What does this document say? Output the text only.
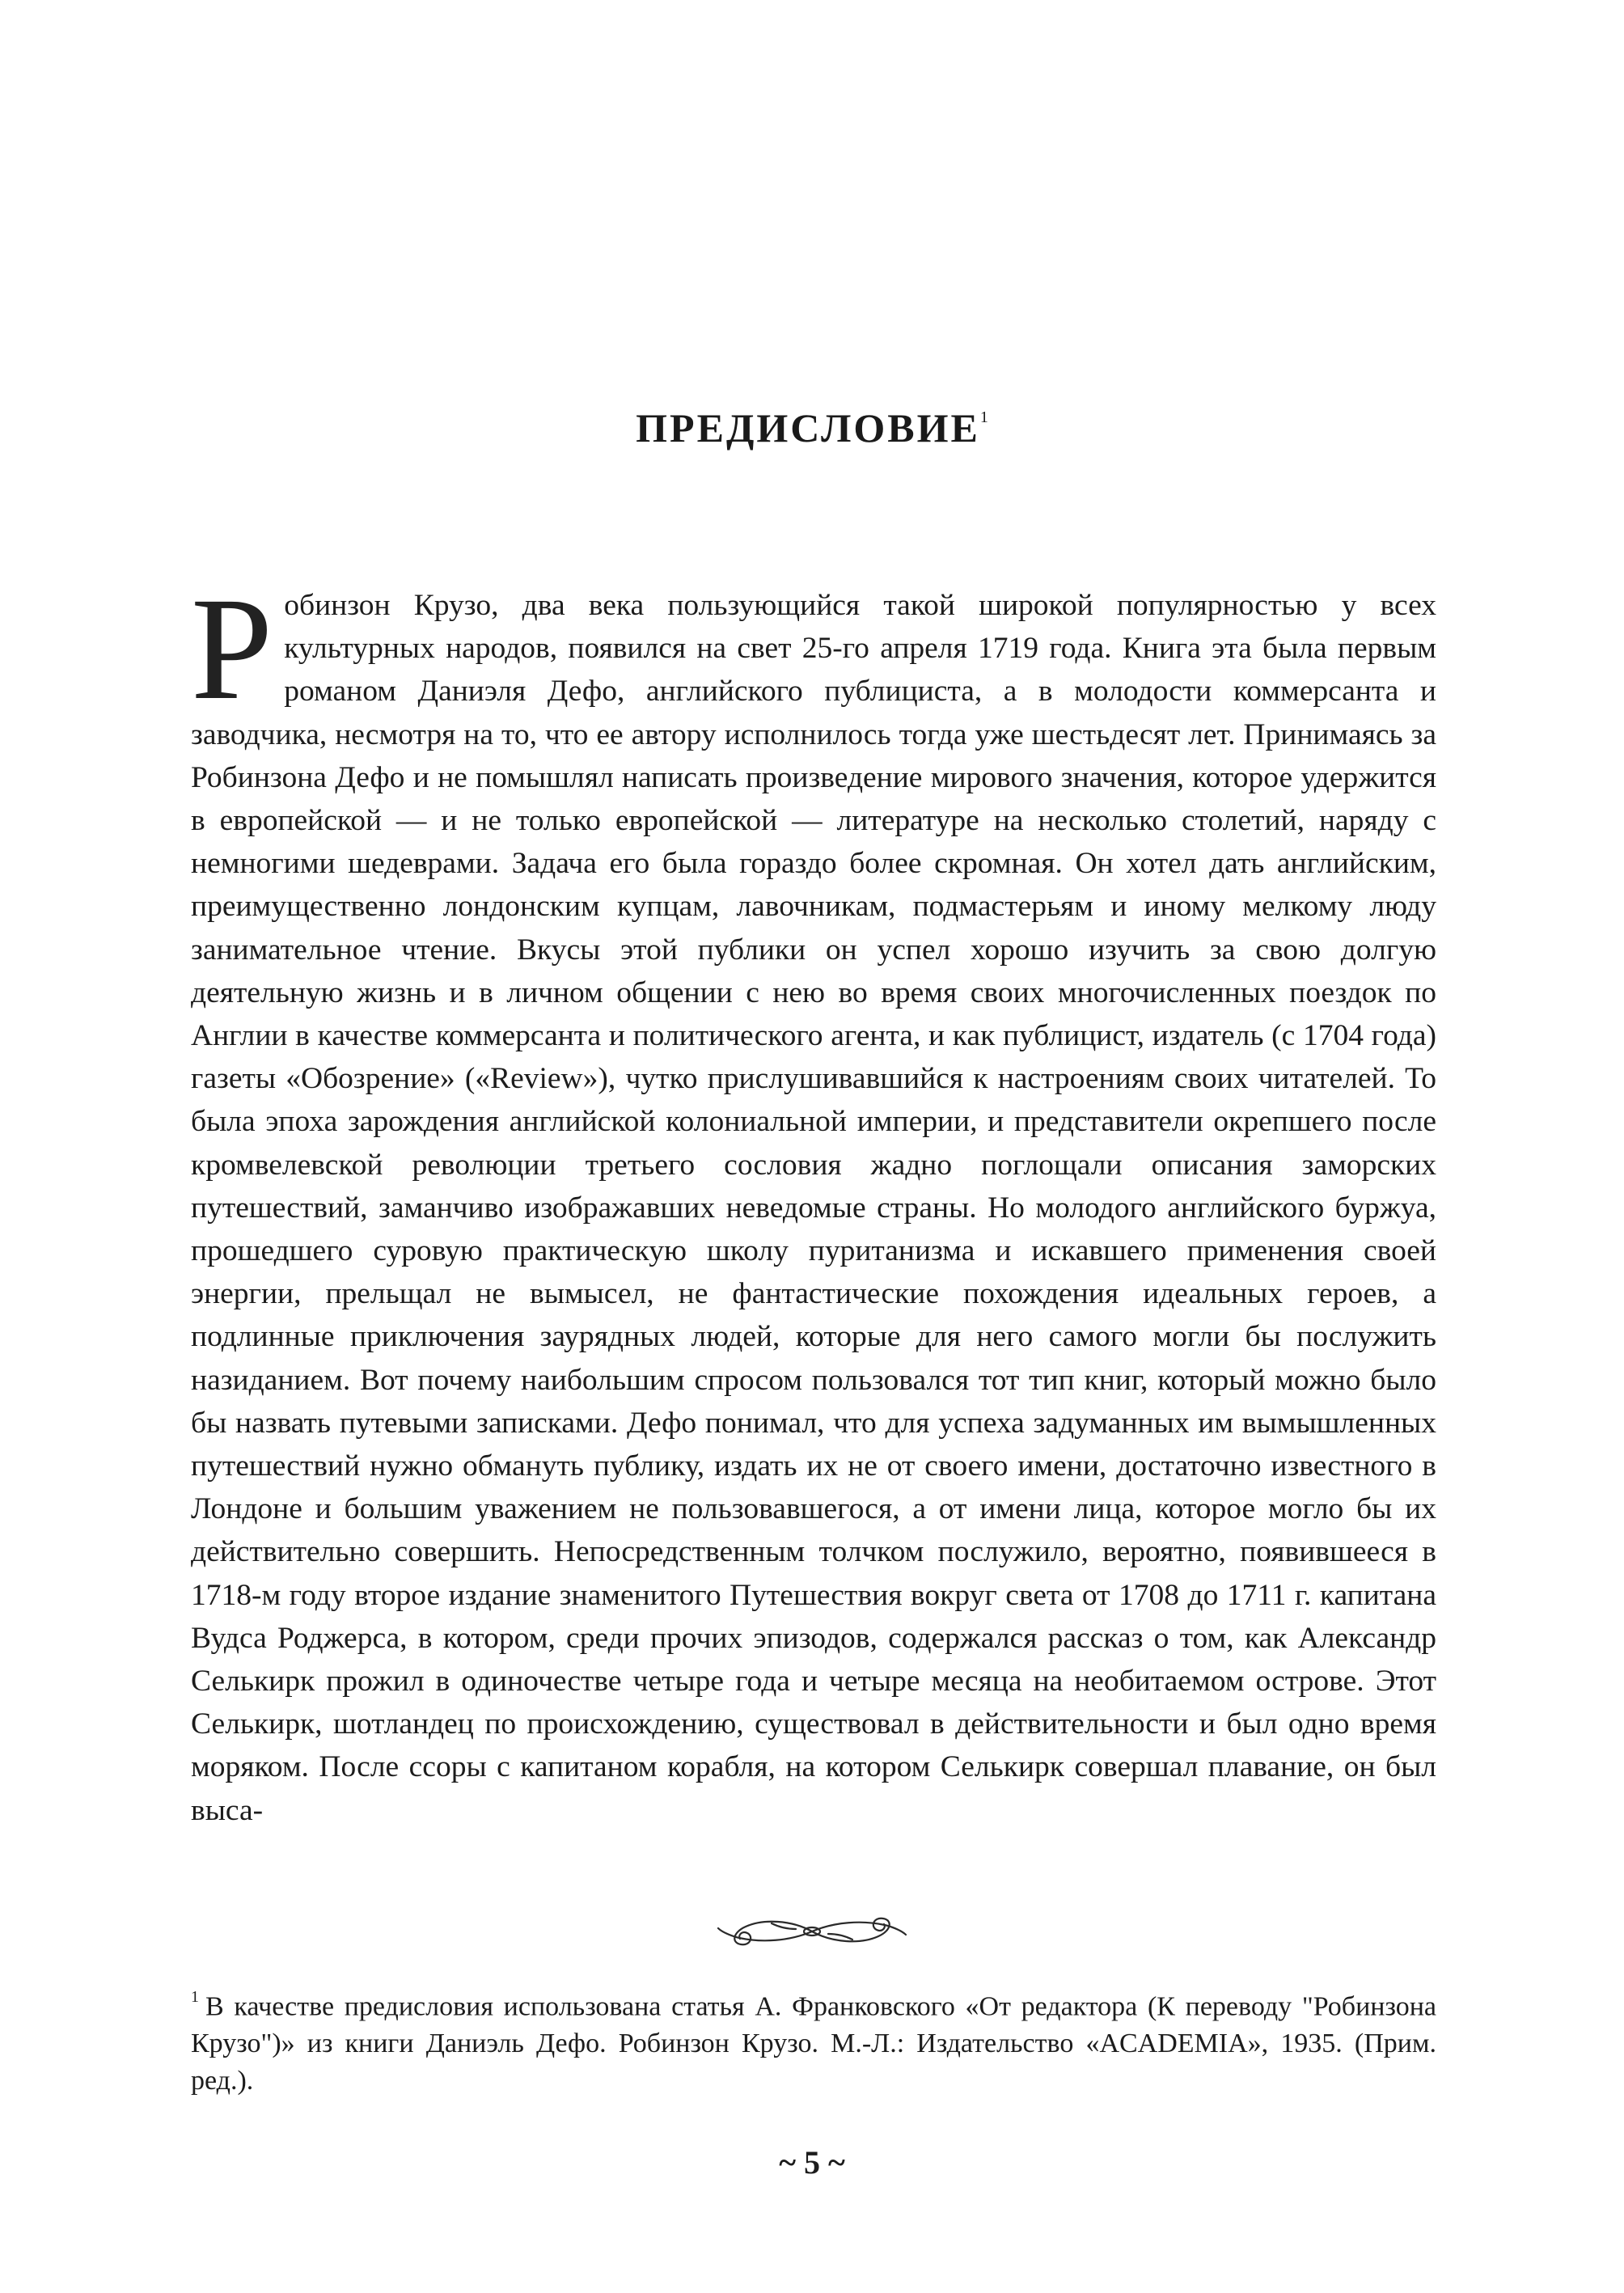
ПРЕДИСЛОВИЕ$^1$

Робинзон Крузо, два века пользующийся такой широкой популярностью у всех культурных народов, появился на свет 25-го апреля 1719 года. Книга эта была первым романом Даниэля Дефо, английского публициста, а в молодости коммерсанта и заводчика, несмотря на то, что ее автору исполнилось тогда уже шестьдесят лет. Принимаясь за Робинзона Дефо и не помышлял написать произведение мирового значения, которое удержится в европейской — и не только европейской — литературе на несколько столетий, наряду с немногими шедеврами. Задача его была гораздо более скромная. Он хотел дать английским, преимущественно лондонским купцам, лавочникам, подмастерьям и иному мелкому люду занимательное чтение. Вкусы этой публики он успел хорошо изучить за свою долгую деятельную жизнь и в личном общении с нею во время своих многочисленных поездок по Англии в качестве коммерсанта и политического агента, и как публицист, издатель (с 1704 года) газеты «Обозрение» («Review»), чутко прислушивавшийся к настроениям своих читателей. То была эпоха зарождения английской колониальной империи, и представители окрепшего после кромвелевской революции третьего сословия жадно поглощали описания заморских путешествий, заманчиво изображавших неведомые страны. Но молодого английского буржуа, прошедшего суровую практическую школу пуританизма и искавшего применения своей энергии, прельщал не вымысел, не фантастические похождения идеальных героев, а подлинные приключения заурядных людей, которые для него самого могли бы послужить назиданием. Вот почему наибольшим спросом пользовался тот тип книг, который можно было бы назвать путевыми записками. Дефо понимал, что для успеха задуманных им вымышленных путешествий нужно обмануть публику, издать их не от своего имени, достаточно известного в Лондоне и большим уважением не пользовавшегося, а от имени лица, которое могло бы их действительно совершить. Непосредственным толчком послужило, вероятно, появившееся в 1718-м году второе издание знаменитого Путешествия вокруг света от 1708 до 1711 г. капитана Вудса Роджерса, в котором, среди прочих эпизодов, содержался рассказ о том, как Александр Селькирк прожил в одиночестве четыре года и четыре месяца на необитаемом острове. Этот Селькирк, шотландец по происхождению, существовал в действительности и был одно время моряком. После ссоры с капитаном корабля, на котором Селькирк совершал плавание, он был выса-

$^1$ В качестве предисловия использована статья А. Франковского «От редактора (К переводу "Робинзона Крузо")» из книги Даниэль Дефо. Робинзон Крузо. М.-Л.: Издательство «ACADEMIA», 1935. (Прим. ред.).

~ 5 ~
